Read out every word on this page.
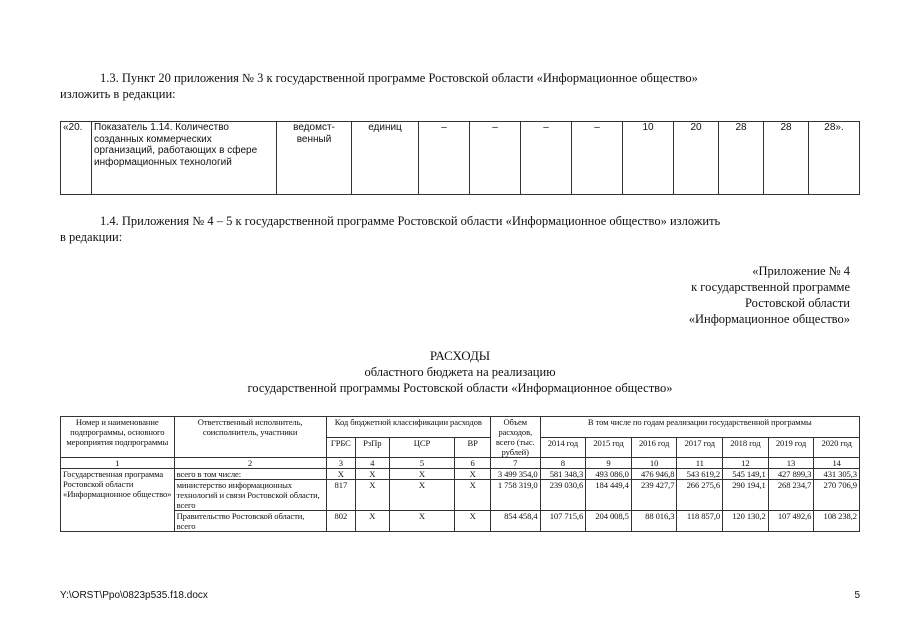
1.3. Пункт 20 приложения № 3 к государственной программе Ростовской области «Информационное общество»
изложить в редакции:
«20.	Показатель 1.14. Количество созданных коммерческих организаций, работающих в сфере информационных технологий	ведомст-венный	единиц	–	–	–	–	10	20	28	28	28».
1.4. Приложения № 4 – 5 к государственной программе Ростовской области «Информационное общество» изложить
в редакции:
«Приложение № 4
к государственной программе
Ростовской области
«Информационное общество»
РАСХОДЫ
областного бюджета на реализацию
государственной программы Ростовской области «Информационное общество»
Номер и наименование подпрограммы, основного мероприятия подпрограммы	Ответственный исполнитель, соисполнитель, участники	Код бюджетной классификации расходов				Объем расходов, всего (тыс. рублей)	В том числе по годам реализации государственной программы						
		ГРБС	РзПр	ЦСР	ВР		2014 год	2015 год	2016 год	2017 год	2018 год	2019 год	2020 год
1	2	3	4	5	6	7	8	9	10	11	12	13	14
Государственная программа Ростовской области «Информационное общество»	всего в том числе:	X	X	X	X	3 499 354,0	581 348,3	493 086,0	476 946,8	543 619,2	545 149,1	427 899,3	431 305,3
	министерство информационных технологий и связи Ростовской области, всего	817	X	X	X	1 758 319,0	239 030,6	184 449,4	239 427,7	266 275,6	290 194,1	268 234,7	270 706,9
	Правительство Ростовской области, всего	802	X	X	X	854 458,4	107 715,6	204 008,5	88 016,3	118 857,0	120 130,2	107 492,6	108 238,2
Y:\ORST\Ppo\0823p535.f18.docx	5
